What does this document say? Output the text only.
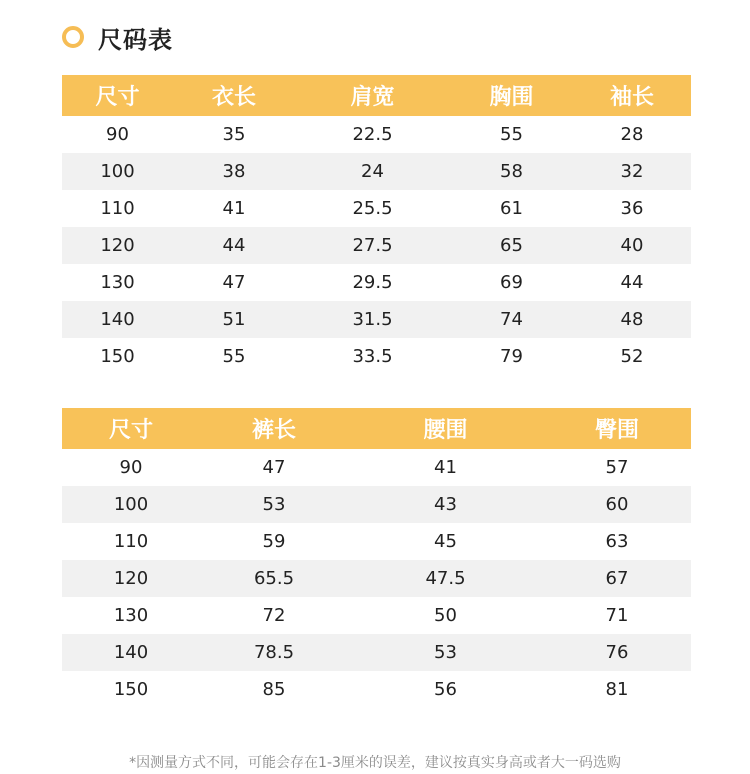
尺码表
尺寸	衣长	肩宽	胸围	袖长
90	35	22.5	55	28
100	38	24	58	32
110	41	25.5	61	36
120	44	27.5	65	40
130	47	29.5	69	44
140	51	31.5	74	48
150	55	33.5	79	52
尺寸	裤长	腰围	臀围
90	47	41	57
100	53	43	60
110	59	45	63
120	65.5	47.5	67
130	72	50	71
140	78.5	53	76
150	85	56	81
*因测量方式不同，可能会存在1-3厘米的误差，建议按真实身高或者大一码选购
